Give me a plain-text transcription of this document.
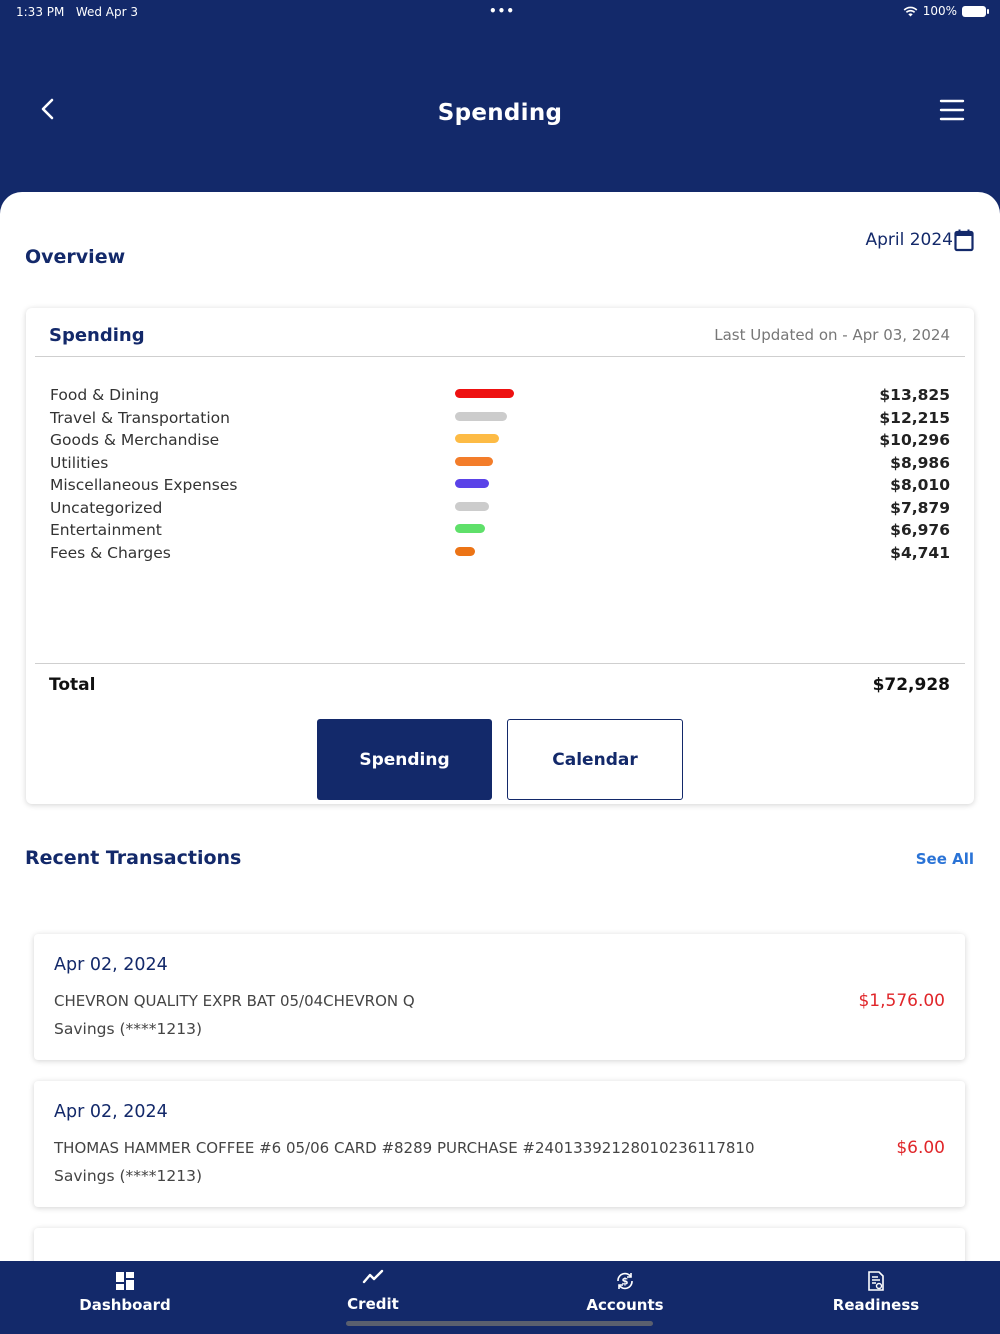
1:33 PM Wed Apr 3	•••	100%
Spending
Overview
April 2024
Spending	Last Updated on - Apr 03, 2024
Food & Dining	$13,825
Travel & Transportation	$12,215
Goods & Merchandise	$10,296
Utilities	$8,986
Miscellaneous Expenses	$8,010
Uncategorized	$7,879
Entertainment	$6,976
Fees & Charges	$4,741
Total	$72,928
Spending	Calendar
Recent Transactions	See All
Apr 02, 2024
CHEVRON QUALITY EXPR BAT 05/04CHEVRON Q
Savings (****1213)
$1,576.00
Apr 02, 2024
THOMAS HAMMER COFFEE #6 05/06 CARD #8289 PURCHASE #240133921280102361​17810
Savings (****1213)
$6.00
Dashboard	Credit
$
Accounts	Readiness
